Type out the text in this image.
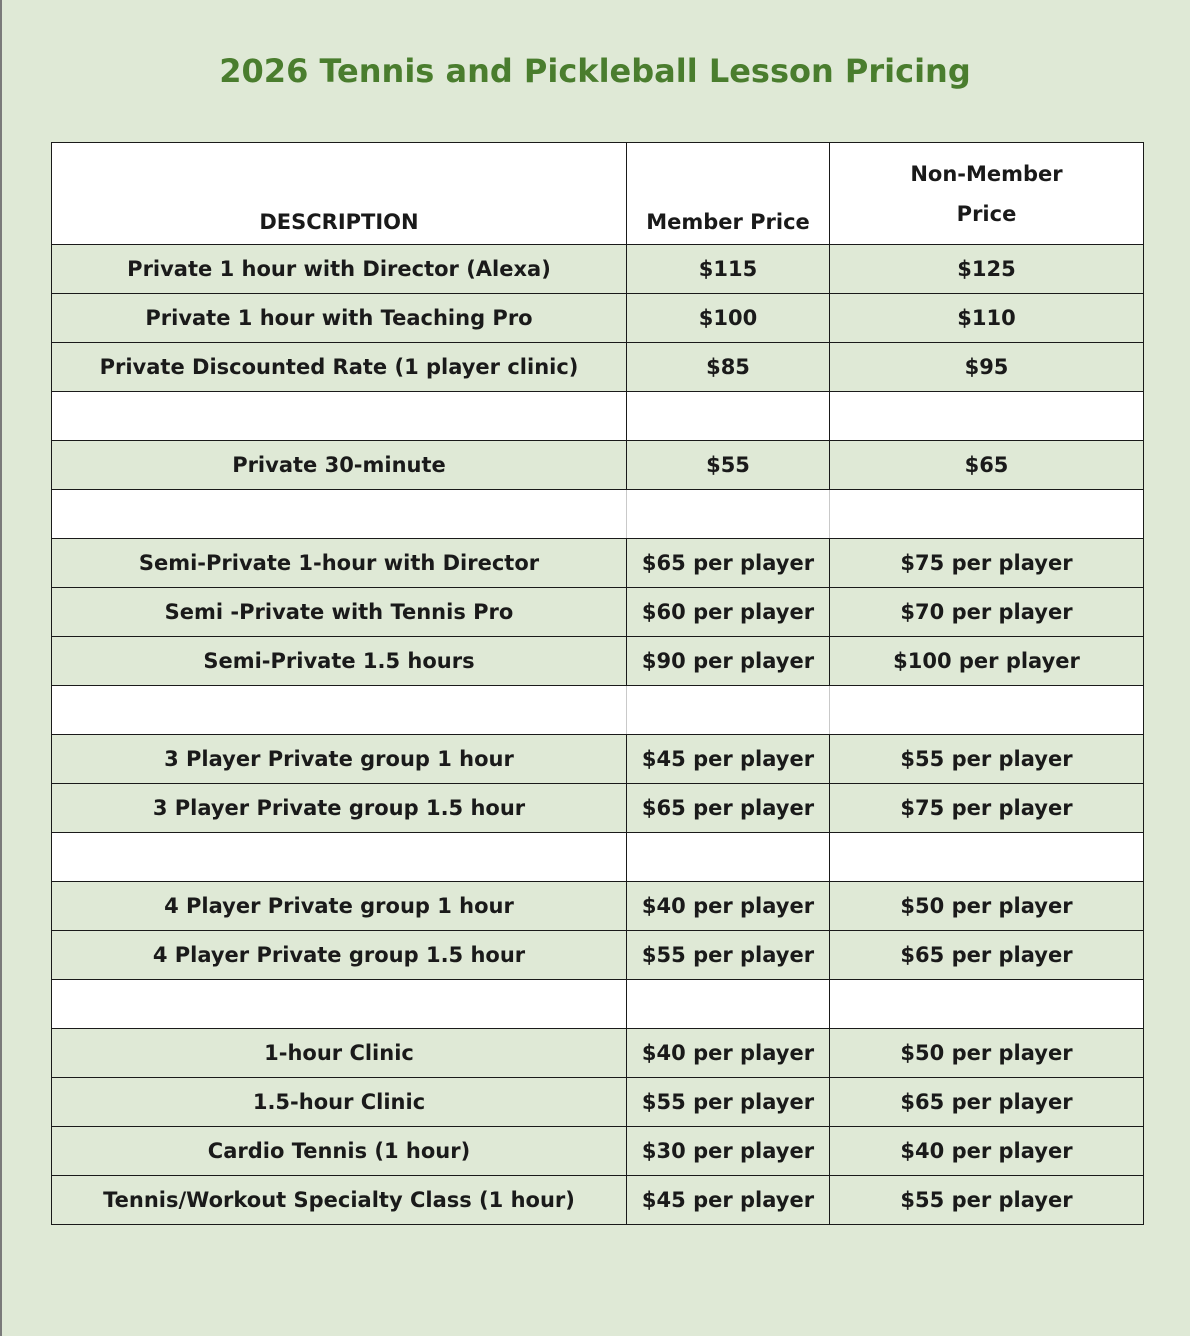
2026 Tennis and Pickleball Lesson Pricing
DESCRIPTION	Member Price	Non-Member
Price
Private 1 hour with Director (Alexa)	$115	$125
Private 1 hour with Teaching Pro	$100	$110
Private Discounted Rate (1 player clinic)	$85	$95

Private 30-minute	$55	$65

Semi-Private 1-hour with Director	$65 per player	$75 per player
Semi -Private with Tennis Pro	$60 per player	$70 per player
Semi-Private 1.5 hours	$90 per player	$100 per player

3 Player Private group 1 hour	$45 per player	$55 per player
3 Player Private group 1.5 hour	$65 per player	$75 per player

4 Player Private group 1 hour	$40 per player	$50 per player
4 Player Private group 1.5 hour	$55 per player	$65 per player

1-hour Clinic	$40 per player	$50 per player
1.5-hour Clinic	$55 per player	$65 per player
Cardio Tennis (1 hour)	$30 per player	$40 per player
Tennis/Workout Specialty Class (1 hour)	$45 per player	$55 per player
